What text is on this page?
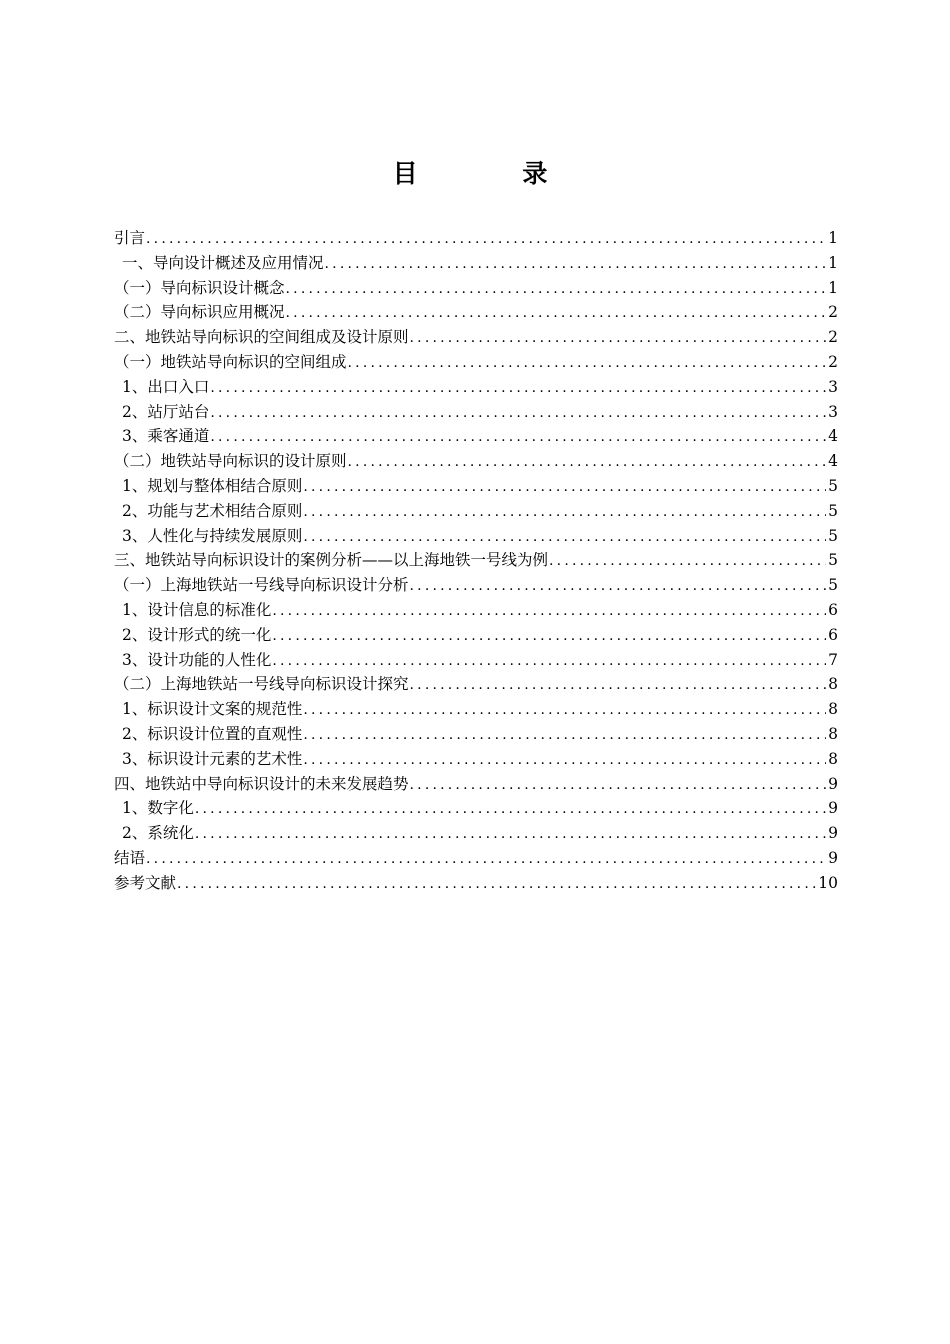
目 录
引言 .....	1
一、导向设计概述及应用情况 .....	1
（一）导向标识设计概念 .....	1
（二）导向标识应用概况 .....	2
二、地铁站导向标识的空间组成及设计原则 .....	2
（一）地铁站导向标识的空间组成 .....	2
1、出口入口 .....	3
2、站厅站台 .....	3
3、乘客通道 .....	4
（二）地铁站导向标识的设计原则 .....	4
1、规划与整体相结合原则 .....	5
2、功能与艺术相结合原则 .....	5
3、人性化与持续发展原则 .....	5
三、地铁站导向标识设计的案例分析——以上海地铁一号线为例 .....	5
（一）上海地铁站一号线导向标识设计分析 .....	5
1、设计信息的标准化 .....	6
2、设计形式的统一化 .....	6
3、设计功能的人性化 .....	7
（二）上海地铁站一号线导向标识设计探究 .....	8
1、标识设计文案的规范性 .....	8
2、标识设计位置的直观性 .....	8
3、标识设计元素的艺术性 .....	8
四、地铁站中导向标识设计的未来发展趋势 .....	9
1、数字化 .....	9
2、系统化 .....	9
结语 .....	9
参考文献 .....	10
